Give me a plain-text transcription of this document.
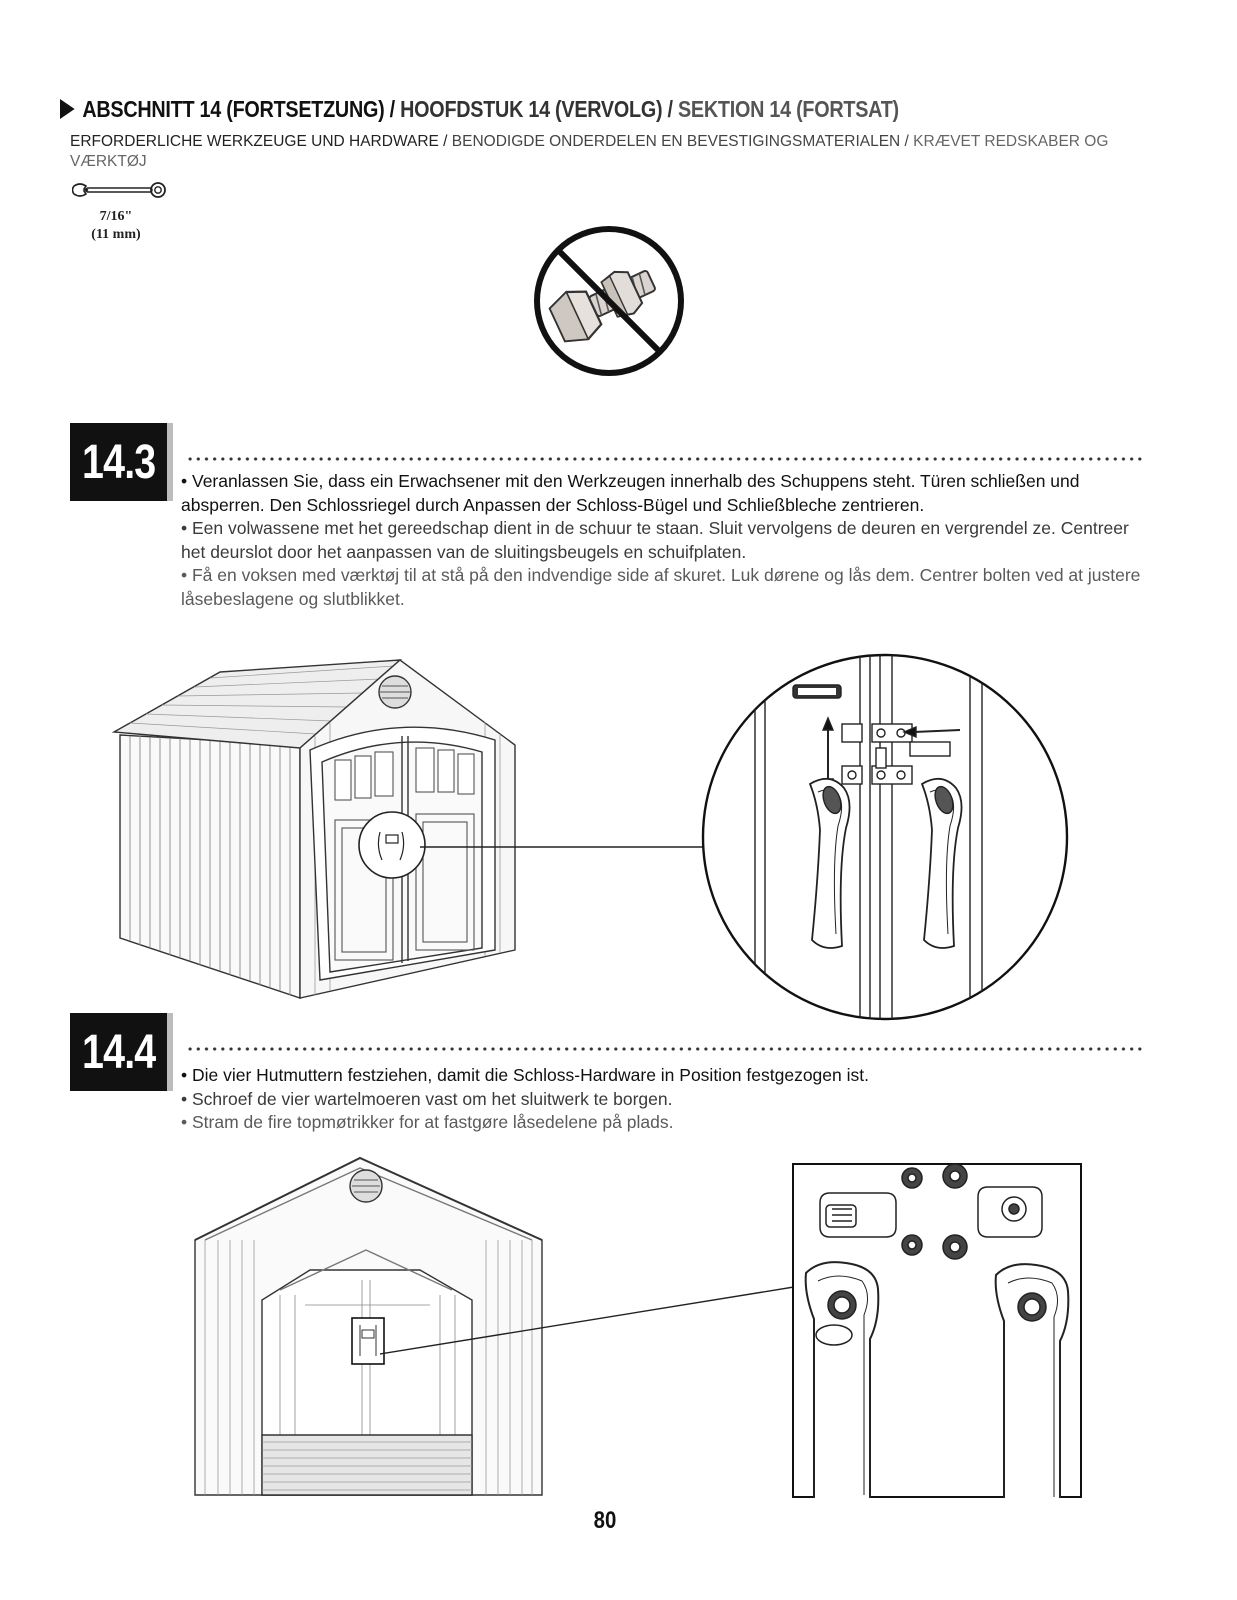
ABSCHNITT 14 (FORTSETZUNG) / HOOFDSTUK 14 (VERVOLG) / SEKTION 14 (FORTSAT)
ERFORDERLICHE WERKZEUGE UND HARDWARE / BENODIGDE ONDERDELEN EN BEVESTIGINGSMATERIALEN / KRÆVET REDSKABER OG VÆRKTØJ
7/16"
(11 mm)
14.3 • Veranlassen Sie, dass ein Erwachsener mit den Werkzeugen innerhalb des Schuppens steht. Türen schließen und absperren. Den Schlossriegel durch Anpassen der Schloss-Bügel und Schließbleche zentrieren.
• Een volwassene met het gereedschap dient in de schuur te staan. Sluit vervolgens de deuren en vergrendel ze. Centreer het deurslot door het aanpassen van de sluitingsbeugels en schuifplaten.
• Få en voksen med værktøj til at stå på den indvendige side af skuret. Luk dørene og lås dem. Centrer bolten ved at justere låsebeslagene og slutblikket.
14.4 • Die vier Hutmuttern festziehen, damit die Schloss-Hardware in Position festgezogen ist.
• Schroef de vier wartelmoeren vast om het sluitwerk te borgen.
• Stram de fire topmøtrikker for at fastgøre låsedelene på plads.
80
